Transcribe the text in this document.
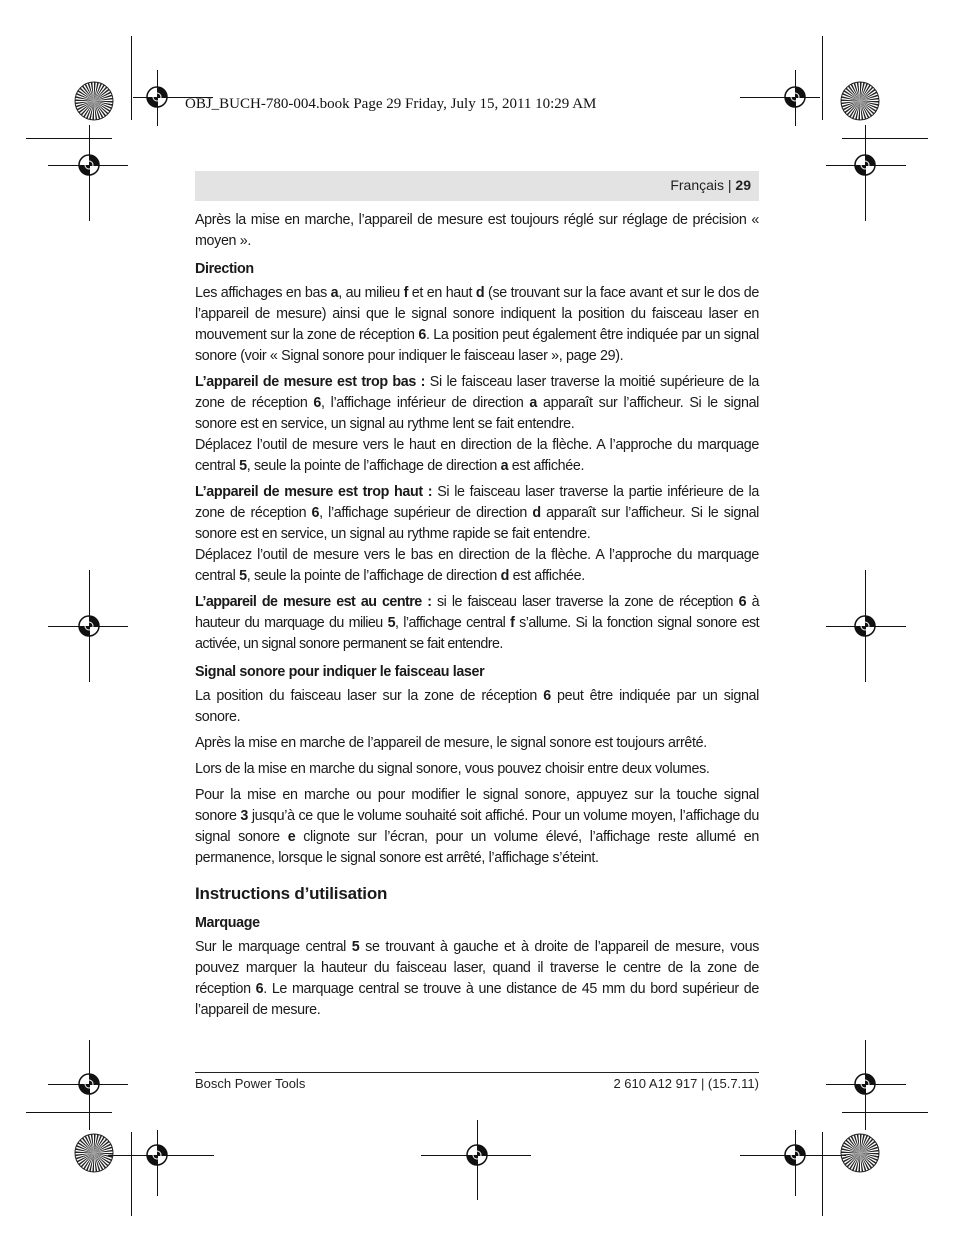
OBJ_BUCH-780-004.book Page 29 Friday, July 15, 2011 10:29 AM
Français | 29

Après la mise en marche, l’appareil de mesure est toujours réglé sur réglage de précision « moyen ».

Direction

Les affichages en bas a, au milieu f et en haut d (se trouvant sur la face avant et sur le dos de l’appareil de mesure) ainsi que le signal sonore indiquent la position du faisceau laser en mouvement sur la zone de réception 6. La position peut également être indiquée par un signal sonore (voir « Signal sonore pour indiquer le faisceau laser », page 29).

L’appareil de mesure est trop bas : Si le faisceau laser traverse la moitié supérieure de la zone de réception 6, l’affichage inférieur de direction a apparaît sur l’afficheur. Si le signal sonore est en service, un signal au rythme lent se fait entendre.

Déplacez l’outil de mesure vers le haut en direction de la flèche. A l’approche du marquage central 5, seule la pointe de l’affichage de direction a est affichée.

L’appareil de mesure est trop haut : Si le faisceau laser traverse la partie inférieure de la zone de réception 6, l’affichage supérieur de direction d apparaît sur l’afficheur. Si le signal sonore est en service, un signal au rythme rapide se fait entendre.

Déplacez l’outil de mesure vers le bas en direction de la flèche. A l’approche du marquage central 5, seule la pointe de l’affichage de direction d est affichée.

L’appareil de mesure est au centre : si le faisceau laser traverse la zone de réception 6 à hauteur du marquage du milieu 5, l’affichage central f s’allume. Si la fonction signal sonore est activée, un signal sonore permanent se fait entendre.

Signal sonore pour indiquer le faisceau laser

La position du faisceau laser sur la zone de réception 6 peut être indiquée par un signal sonore.

Après la mise en marche de l’appareil de mesure, le signal sonore est toujours arrêté.

Lors de la mise en marche du signal sonore, vous pouvez choisir entre deux volumes.

Pour la mise en marche ou pour modifier le signal sonore, appuyez sur la touche signal sonore 3 jusqu’à ce que le volume souhaité soit affiché. Pour un volume moyen, l’affichage du signal sonore e clignote sur l’écran, pour un volume élevé, l’affichage reste allumé en permanence, lorsque le signal sonore est arrêté, l’affichage s’éteint.

Instructions d’utilisation
Marquage

Sur le marquage central 5 se trouvant à gauche et à droite de l’appareil de mesure, vous pouvez marquer la hauteur du faisceau laser, quand il traverse le centre de la zone de réception 6. Le marquage central se trouve à une distance de 45 mm du bord supérieur de l’appareil de mesure.

Bosch Power Tools	2 610 A12 917 | (15.7.11)
